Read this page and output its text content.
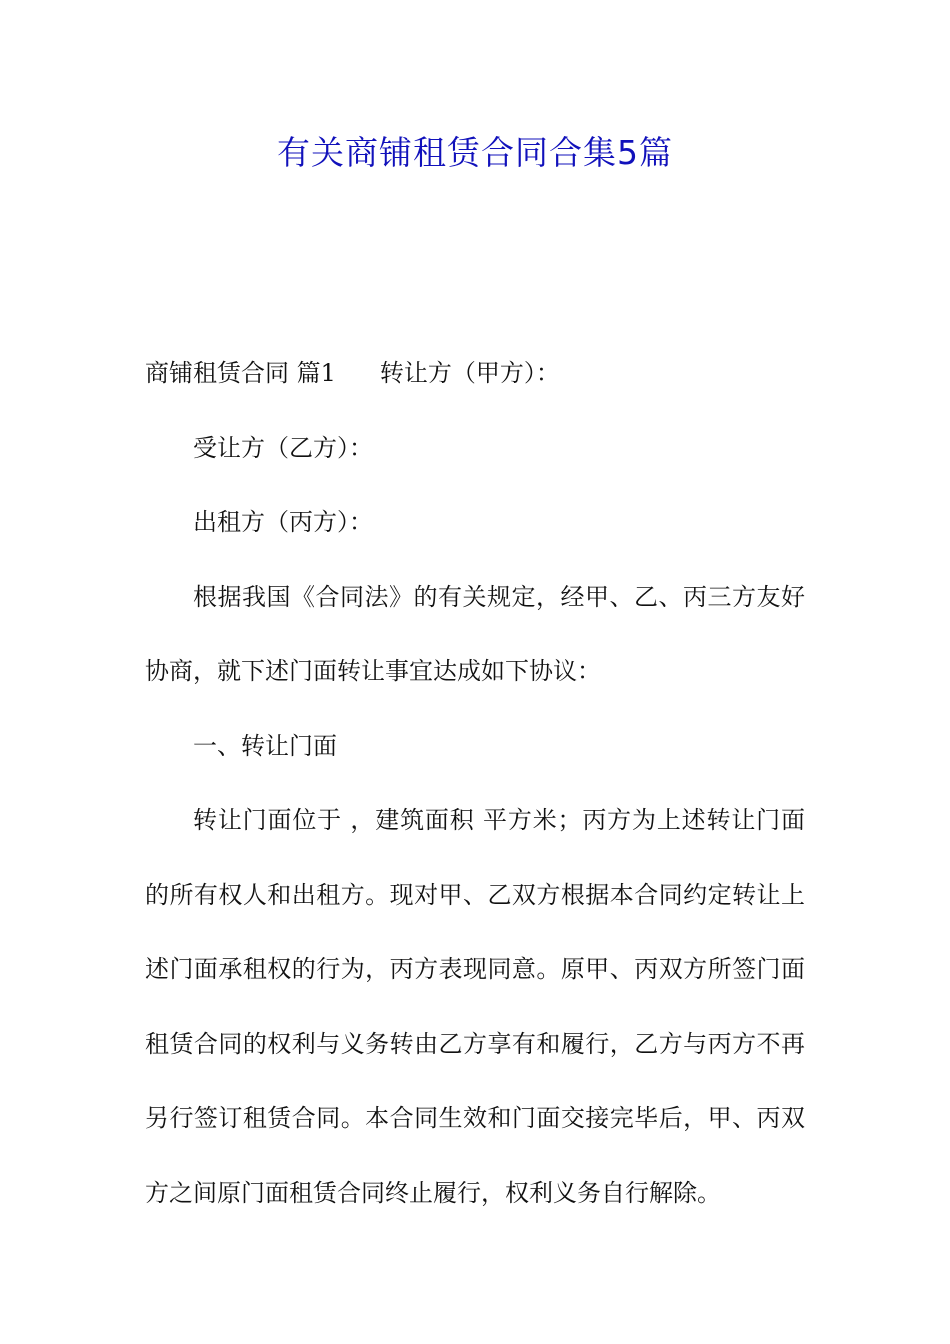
有关商铺租赁合同合集5篇

商铺租赁合同 篇1 转让方（甲方）：

受让方（乙方）：

出租方（丙方）：

根据我国《合同法》的有关规定，经甲、乙、丙三方友好协商，就下述门面转让事宜达成如下协议：

一、转让门面

转让门面位于 ，建筑面积 平方米；丙方为上述转让门面的所有权人和出租方。现对甲、乙双方根据本合同约定转让上述门面承租权的行为，丙方表现同意。原甲、丙双方所签门面租赁合同的权利与义务转由乙方享有和履行，乙方与丙方不再另行签订租赁合同。本合同生效和门面交接完毕后，甲、丙双方之间原门面租赁合同终止履行，权利义务自行解除。
